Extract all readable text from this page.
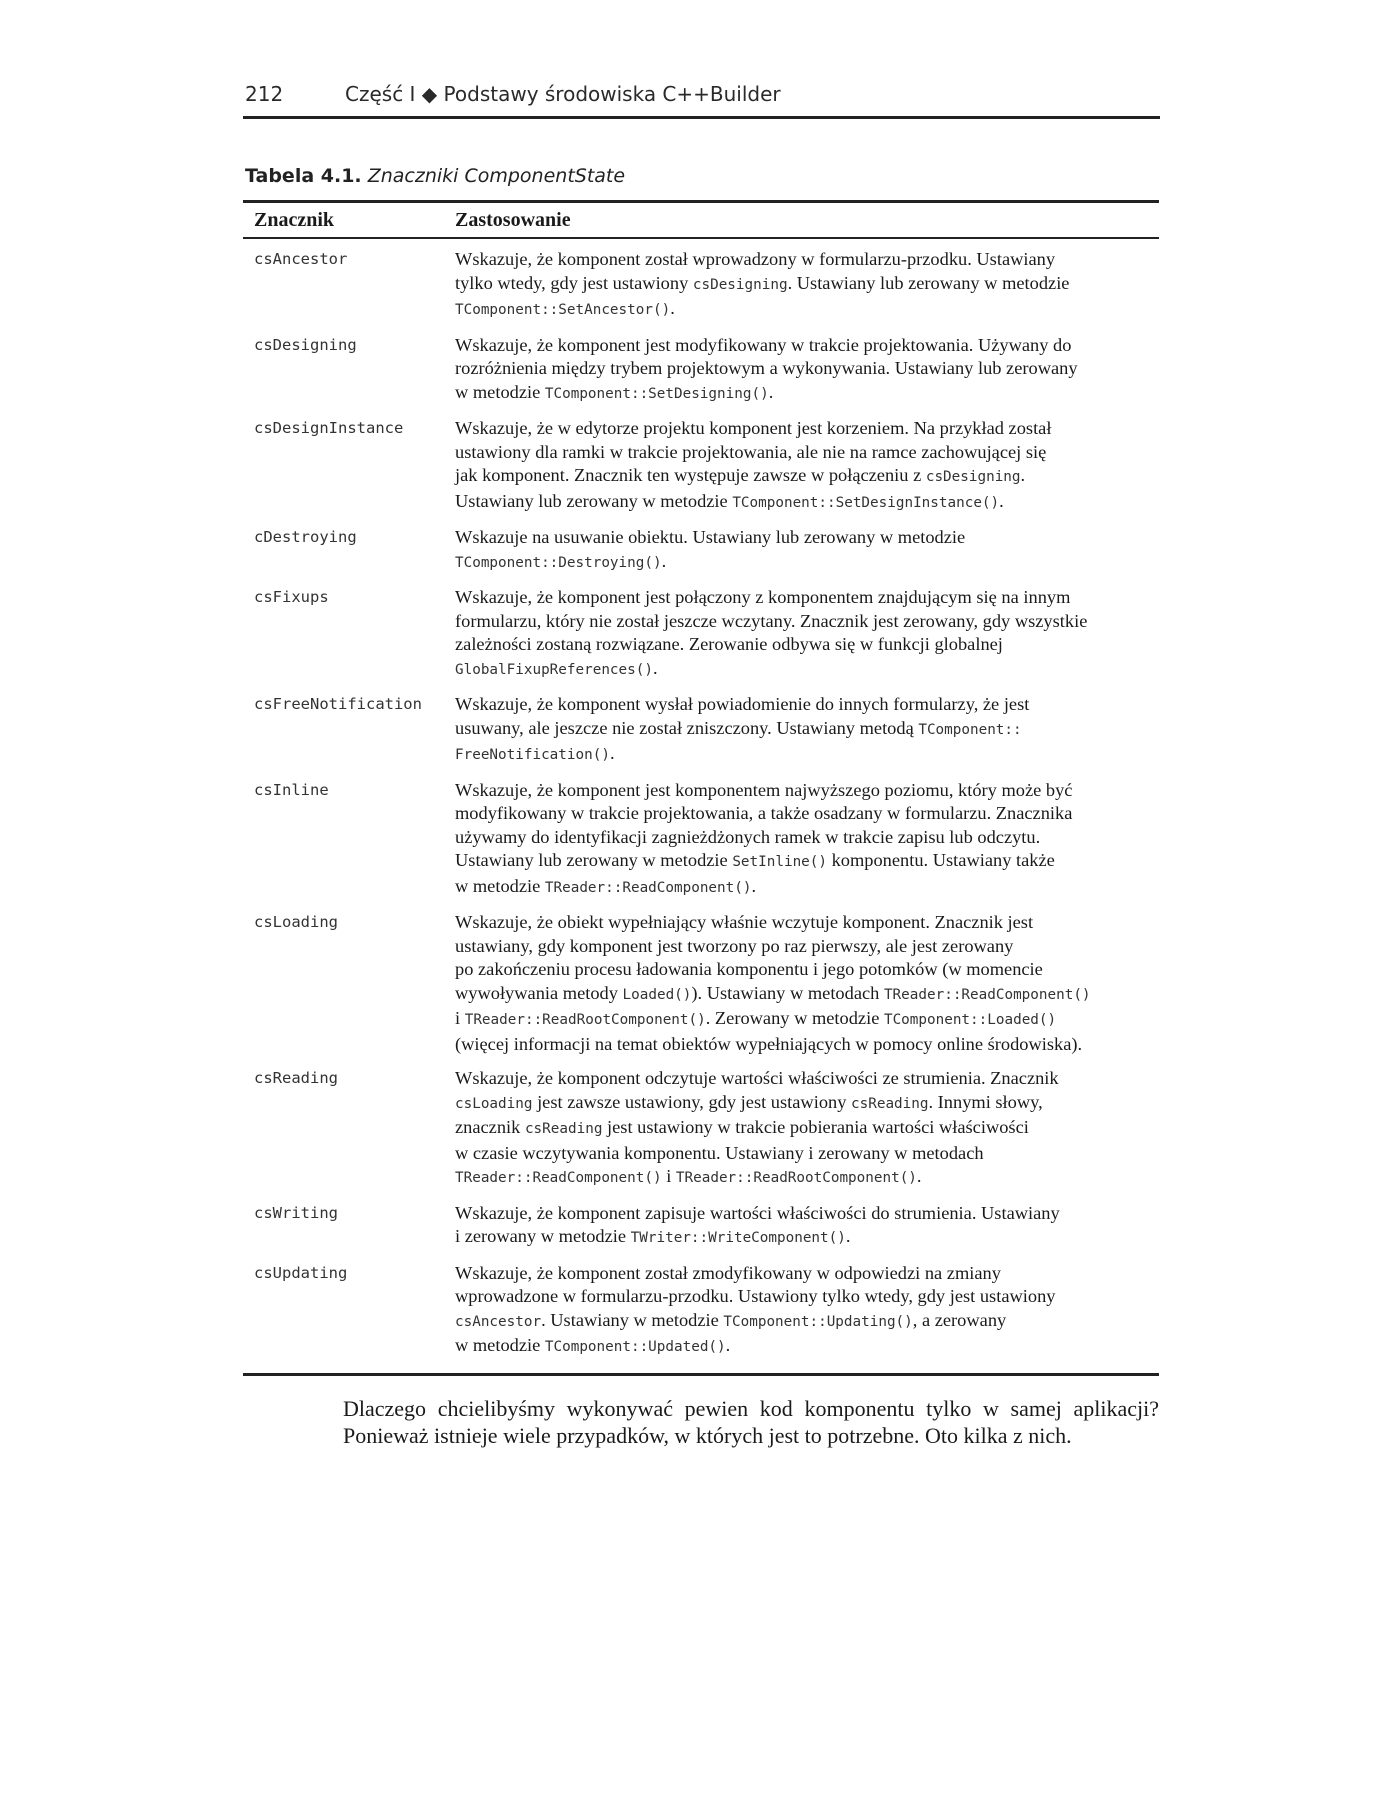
212	Część I ◆ Podstawy środowiska C++Builder
Tabela 4.1. Znaczniki ComponentState
Znacznik	Zastosowanie
csAncestor	Wskazuje, że komponent został wprowadzony w formularzu-przodku. Ustawiany
tylko wtedy, gdy jest ustawiony csDesigning. Ustawiany lub zerowany w metodzie
TComponent::SetAncestor().
csDesigning	Wskazuje, że komponent jest modyfikowany w trakcie projektowania. Używany do
rozróżnienia między trybem projektowym a wykonywania. Ustawiany lub zerowany
w metodzie TComponent::SetDesigning().
csDesignInstance	Wskazuje, że w edytorze projektu komponent jest korzeniem. Na przykład został
ustawiony dla ramki w trakcie projektowania, ale nie na ramce zachowującej się
jak komponent. Znacznik ten występuje zawsze w połączeniu z csDesigning.
Ustawiany lub zerowany w metodzie TComponent::SetDesignInstance().
cDestroying	Wskazuje na usuwanie obiektu. Ustawiany lub zerowany w metodzie
TComponent::Destroying().
csFixups	Wskazuje, że komponent jest połączony z komponentem znajdującym się na innym
formularzu, który nie został jeszcze wczytany. Znacznik jest zerowany, gdy wszystkie
zależności zostaną rozwiązane. Zerowanie odbywa się w funkcji globalnej
GlobalFixupReferences().
csFreeNotification	Wskazuje, że komponent wysłał powiadomienie do innych formularzy, że jest
usuwany, ale jeszcze nie został zniszczony. Ustawiany metodą TComponent::
FreeNotification().
csInline	Wskazuje, że komponent jest komponentem najwyższego poziomu, który może być
modyfikowany w trakcie projektowania, a także osadzany w formularzu. Znacznika
używamy do identyfikacji zagnieżdżonych ramek w trakcie zapisu lub odczytu.
Ustawiany lub zerowany w metodzie SetInline() komponentu. Ustawiany także
w metodzie TReader::ReadComponent().
csLoading	Wskazuje, że obiekt wypełniający właśnie wczytuje komponent. Znacznik jest
ustawiany, gdy komponent jest tworzony po raz pierwszy, ale jest zerowany
po zakończeniu procesu ładowania komponentu i jego potomków (w momencie
wywoływania metody Loaded()). Ustawiany w metodach TReader::ReadComponent()
i TReader::ReadRootComponent(). Zerowany w metodzie TComponent::Loaded()
(więcej informacji na temat obiektów wypełniających w pomocy online środowiska).
csReading	Wskazuje, że komponent odczytuje wartości właściwości ze strumienia. Znacznik
csLoading jest zawsze ustawiony, gdy jest ustawiony csReading. Innymi słowy,
znacznik csReading jest ustawiony w trakcie pobierania wartości właściwości
w czasie wczytywania komponentu. Ustawiany i zerowany w metodach
TReader::ReadComponent() i TReader::ReadRootComponent().
csWriting	Wskazuje, że komponent zapisuje wartości właściwości do strumienia. Ustawiany
i zerowany w metodzie TWriter::WriteComponent().
csUpdating	Wskazuje, że komponent został zmodyfikowany w odpowiedzi na zmiany
wprowadzone w formularzu-przodku. Ustawiony tylko wtedy, gdy jest ustawiony
csAncestor. Ustawiany w metodzie TComponent::Updating(), a zerowany
w metodzie TComponent::Updated().

Dlaczego chcielibyśmy wykonywać pewien kod komponentu tylko w samej aplikacji?

Ponieważ istnieje wiele przypadków, w których jest to potrzebne. Oto kilka z nich.
